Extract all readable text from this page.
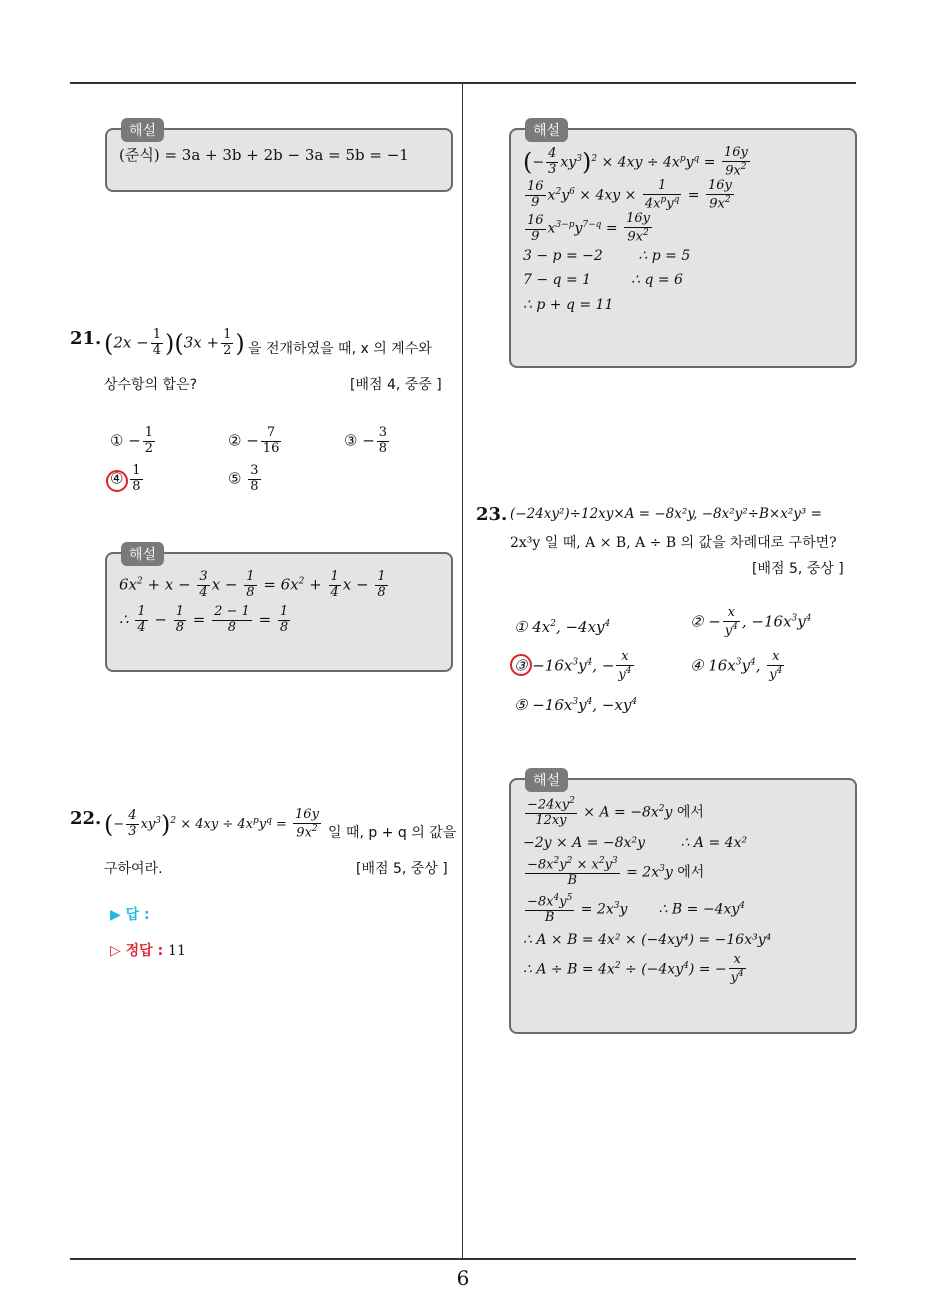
6
해설
(준식) = 3a + 3b + 2b − 3a = 5b = −1
21. $(2x - \frac{1}{4} )(3x + \frac{1}{2}$ ) 을 전개하였을 때, x 의 계수와
상수항의 합은?	[배점 4, 중중 ]
① − $\frac{1}{2}$	② − $\frac{7}{16}$	③ − $\frac{3}{8}$
④ $\frac{1}{8}$	⑤ $\frac{3}{8}$
해설
$6x^2 + x - \frac{3}{4}$ $x - \frac{1}{8} = 6x^2 + \frac{1}{4}$ $x - \frac{1}{8}$
∴ $\frac{1}{4} - \frac{1}{8} = \frac{2 - 1}{8} = \frac{1}{8}$
22. (− $\frac{4}{3} xy^3)^2 \times 4xy \div 4x^py^q = \frac{16y}{9x^2}$ 일 때, p + q 의 값을
구하여라.	[배점 5, 중상 ]
▶ 답 :
▷ 정답 : 11
해설
(− $\frac{4}{3} xy^3)^2 \times 4xy \div 4x^py^q = \frac{16y}{9x^2}$
$\frac{16}{9} x^2y^6 \times 4xy \times \frac{1}{4x^py^q} = \frac{16y}{9x^2}$
$\frac{16}{9} x^{3-p}y^{7-q} = \frac{16y}{9x^2}$
3 − p = −2        ∴ p = 5
7 − q = 1         ∴ q = 6
∴ p + q = 11
23. (−24xy²)÷12xy×A = −8x²y, −8x²y²÷B×x²y³ =
2x³y 일 때, A × B, A ÷ B 의 값을 차례대로 구하면?
[배점 5, 중상 ]
① $4x^2$, $-4xy^4$	② − $\frac{x}{y^4}$ , $-16x^3y^4$
③ $-16x^3y^4$, − $\frac{x}{y^4}$	④ $16x^3y^4$, $\frac{x}{y^4}$
⑤ $-16x^3y^4$, $-xy^4$
해설
$\frac{-24xy^2}{12xy} \times A = -8x^2y$ 에서
−2y × A = −8x²y        ∴ A = 4x²
$\frac{-8x^2y^2 \times x^2y^3}{B} = 2x^3y$ 에서
$\frac{-8x^4y^5}{B} = 2x^3y$       ∴ $B = -4xy^4$
∴ A × B = 4x² × (−4xy⁴) = −16x³y⁴
∴ $A \div B = 4x^2 \div (-4xy^4)$ = − $\frac{x}{y^4}$
